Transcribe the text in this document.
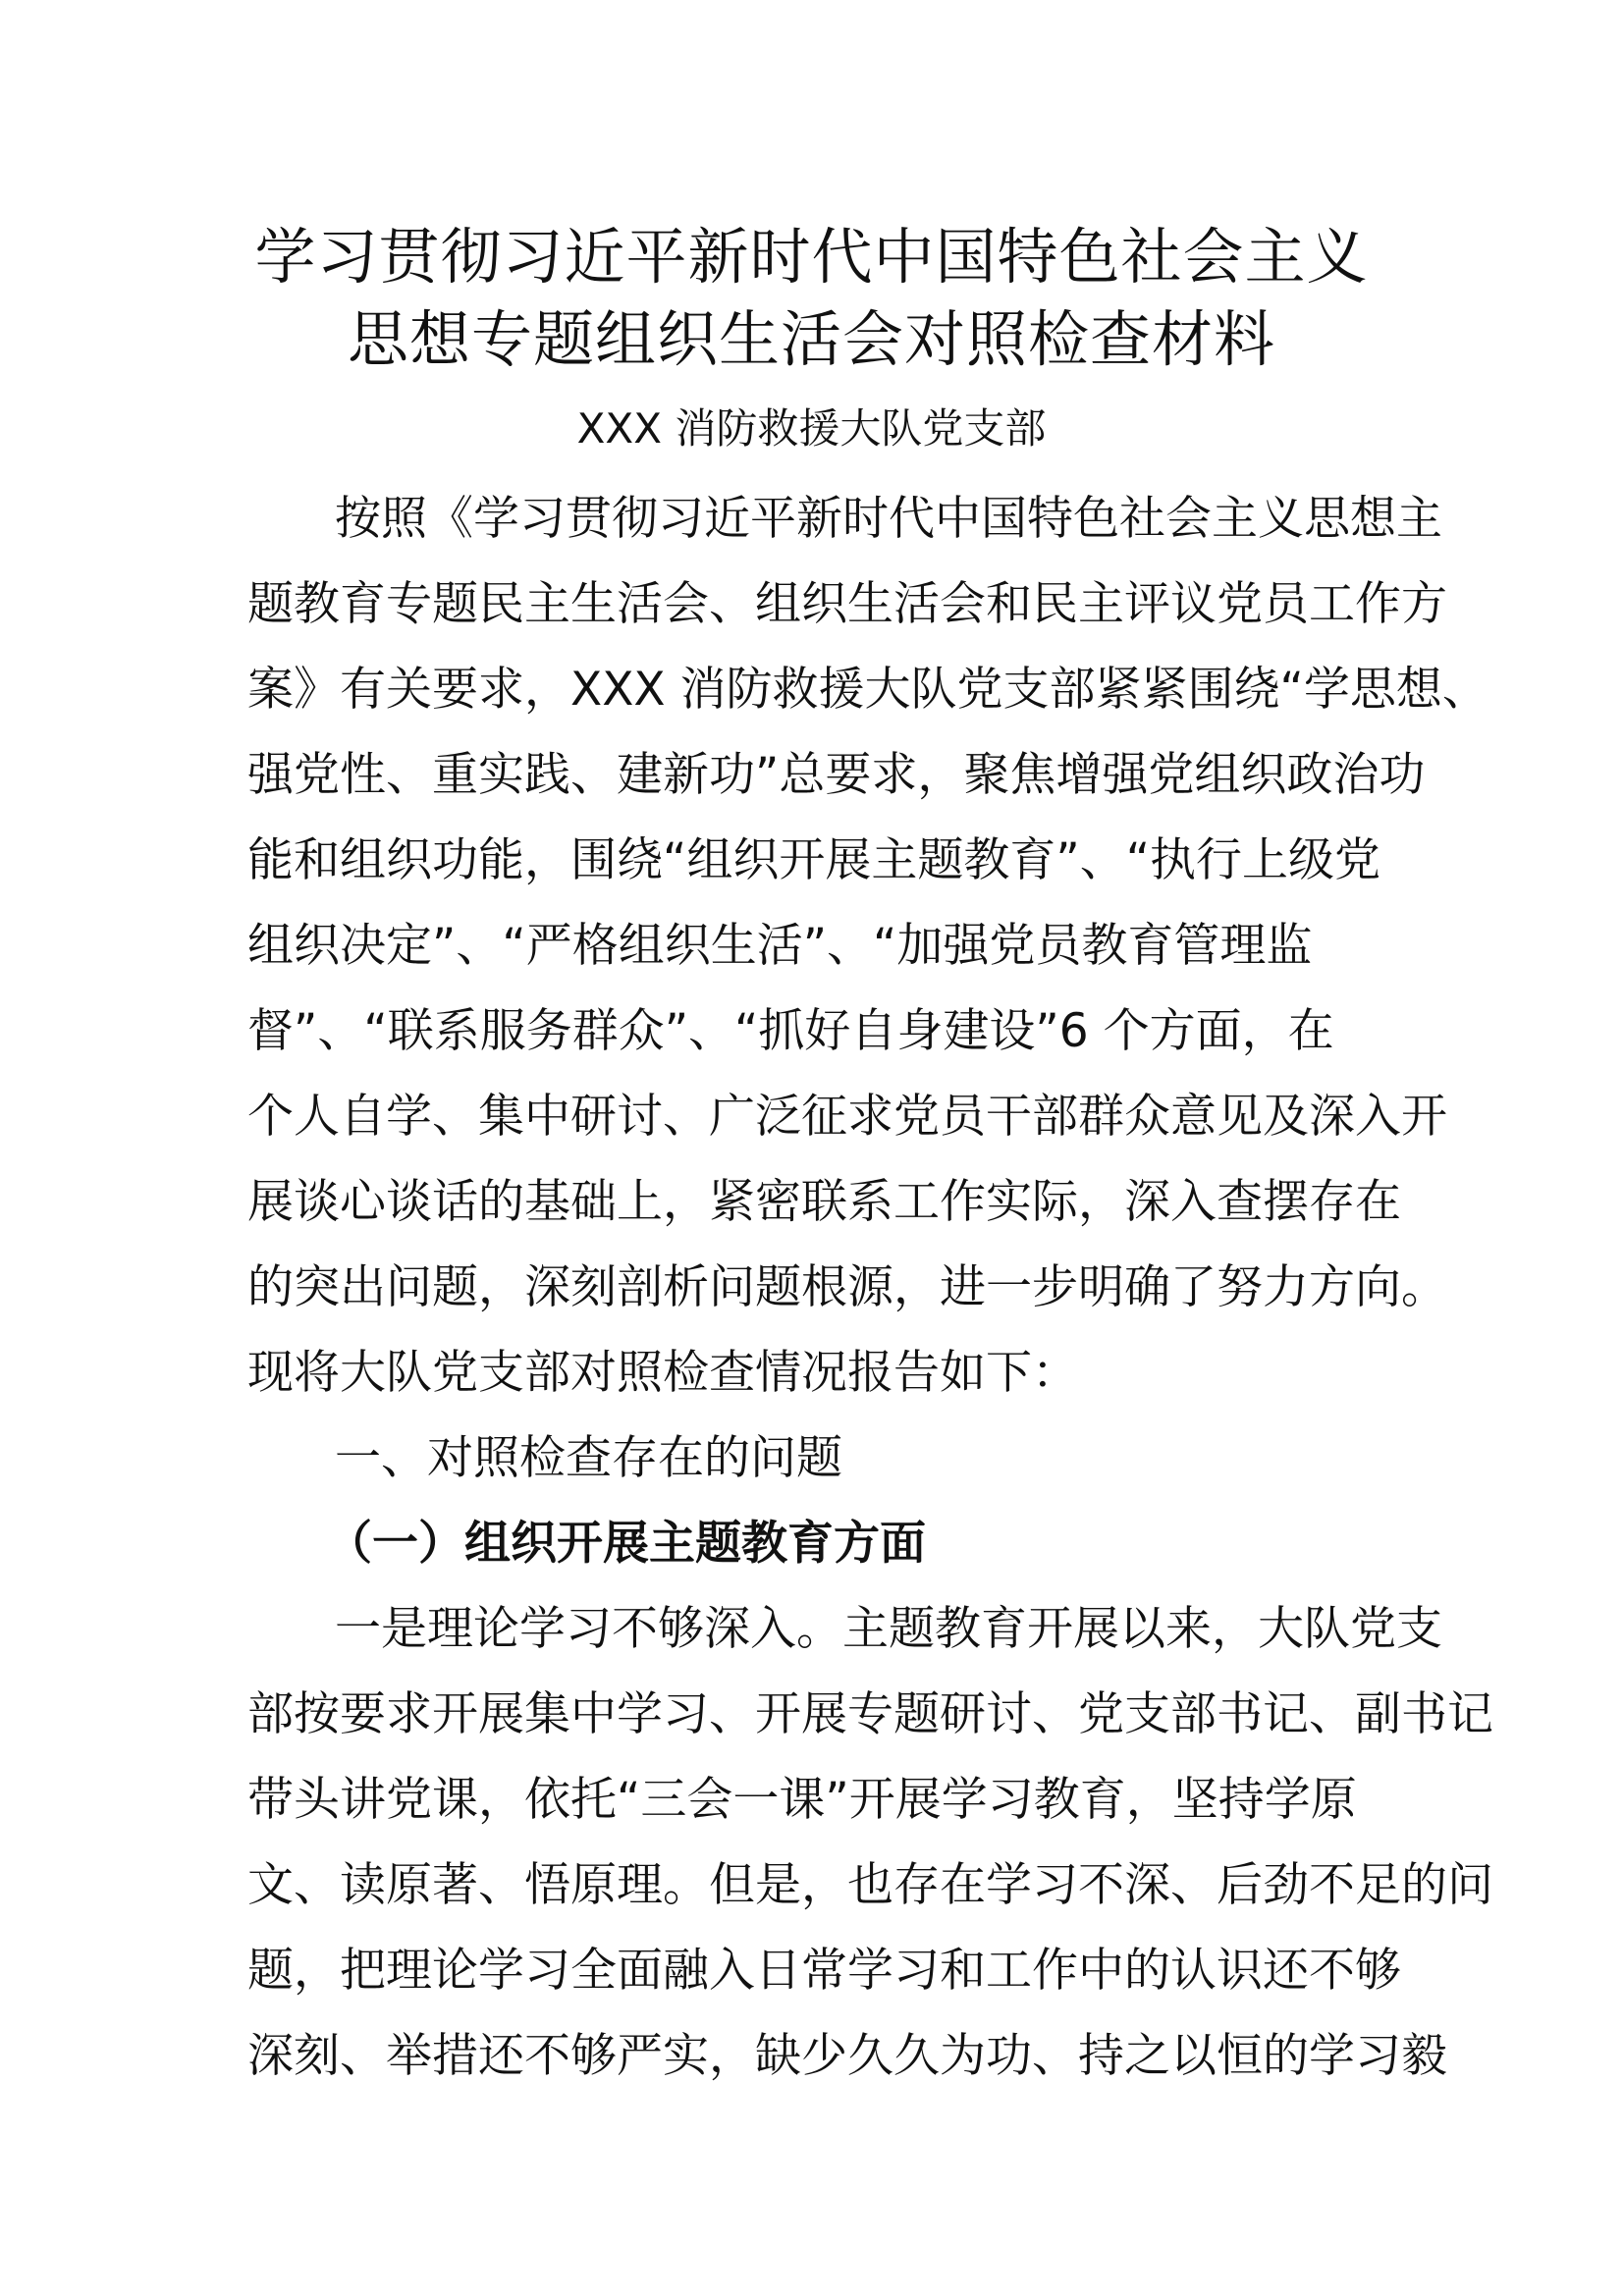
学习贯彻习近平新时代中国特色社会主义
思想专题组织生活会对照检查材料
XXX 消防救援大队党支部
按照《学习贯彻习近平新时代中国特色社会主义思想主
题教育专题民主生活会、组织生活会和民主评议党员工作方
案》有关要求，XXX 消防救援大队党支部紧紧围绕“学思想、
强党性、重实践、建新功”总要求，聚焦增强党组织政治功
能和组织功能，围绕“组织开展主题教育”、“执行上级党
组织决定”、“严格组织生活”、“加强党员教育管理监
督”、“联系服务群众”、“抓好自身建设”6 个方面，在
个人自学、集中研讨、广泛征求党员干部群众意见及深入开
展谈心谈话的基础上，紧密联系工作实际，深入查摆存在
的突出问题，深刻剖析问题根源，进一步明确了努力方向。
现将大队党支部对照检查情况报告如下：
一、对照检查存在的问题
（一）组织开展主题教育方面
一是理论学习不够深入。主题教育开展以来，大队党支
部按要求开展集中学习、开展专题研讨、党支部书记、副书记
带头讲党课，依托“三会一课”开展学习教育，坚持学原
文、读原著、悟原理。但是，也存在学习不深、后劲不足的问
题，把理论学习全面融入日常学习和工作中的认识还不够
深刻、举措还不够严实，缺少久久为功、持之以恒的学习毅
